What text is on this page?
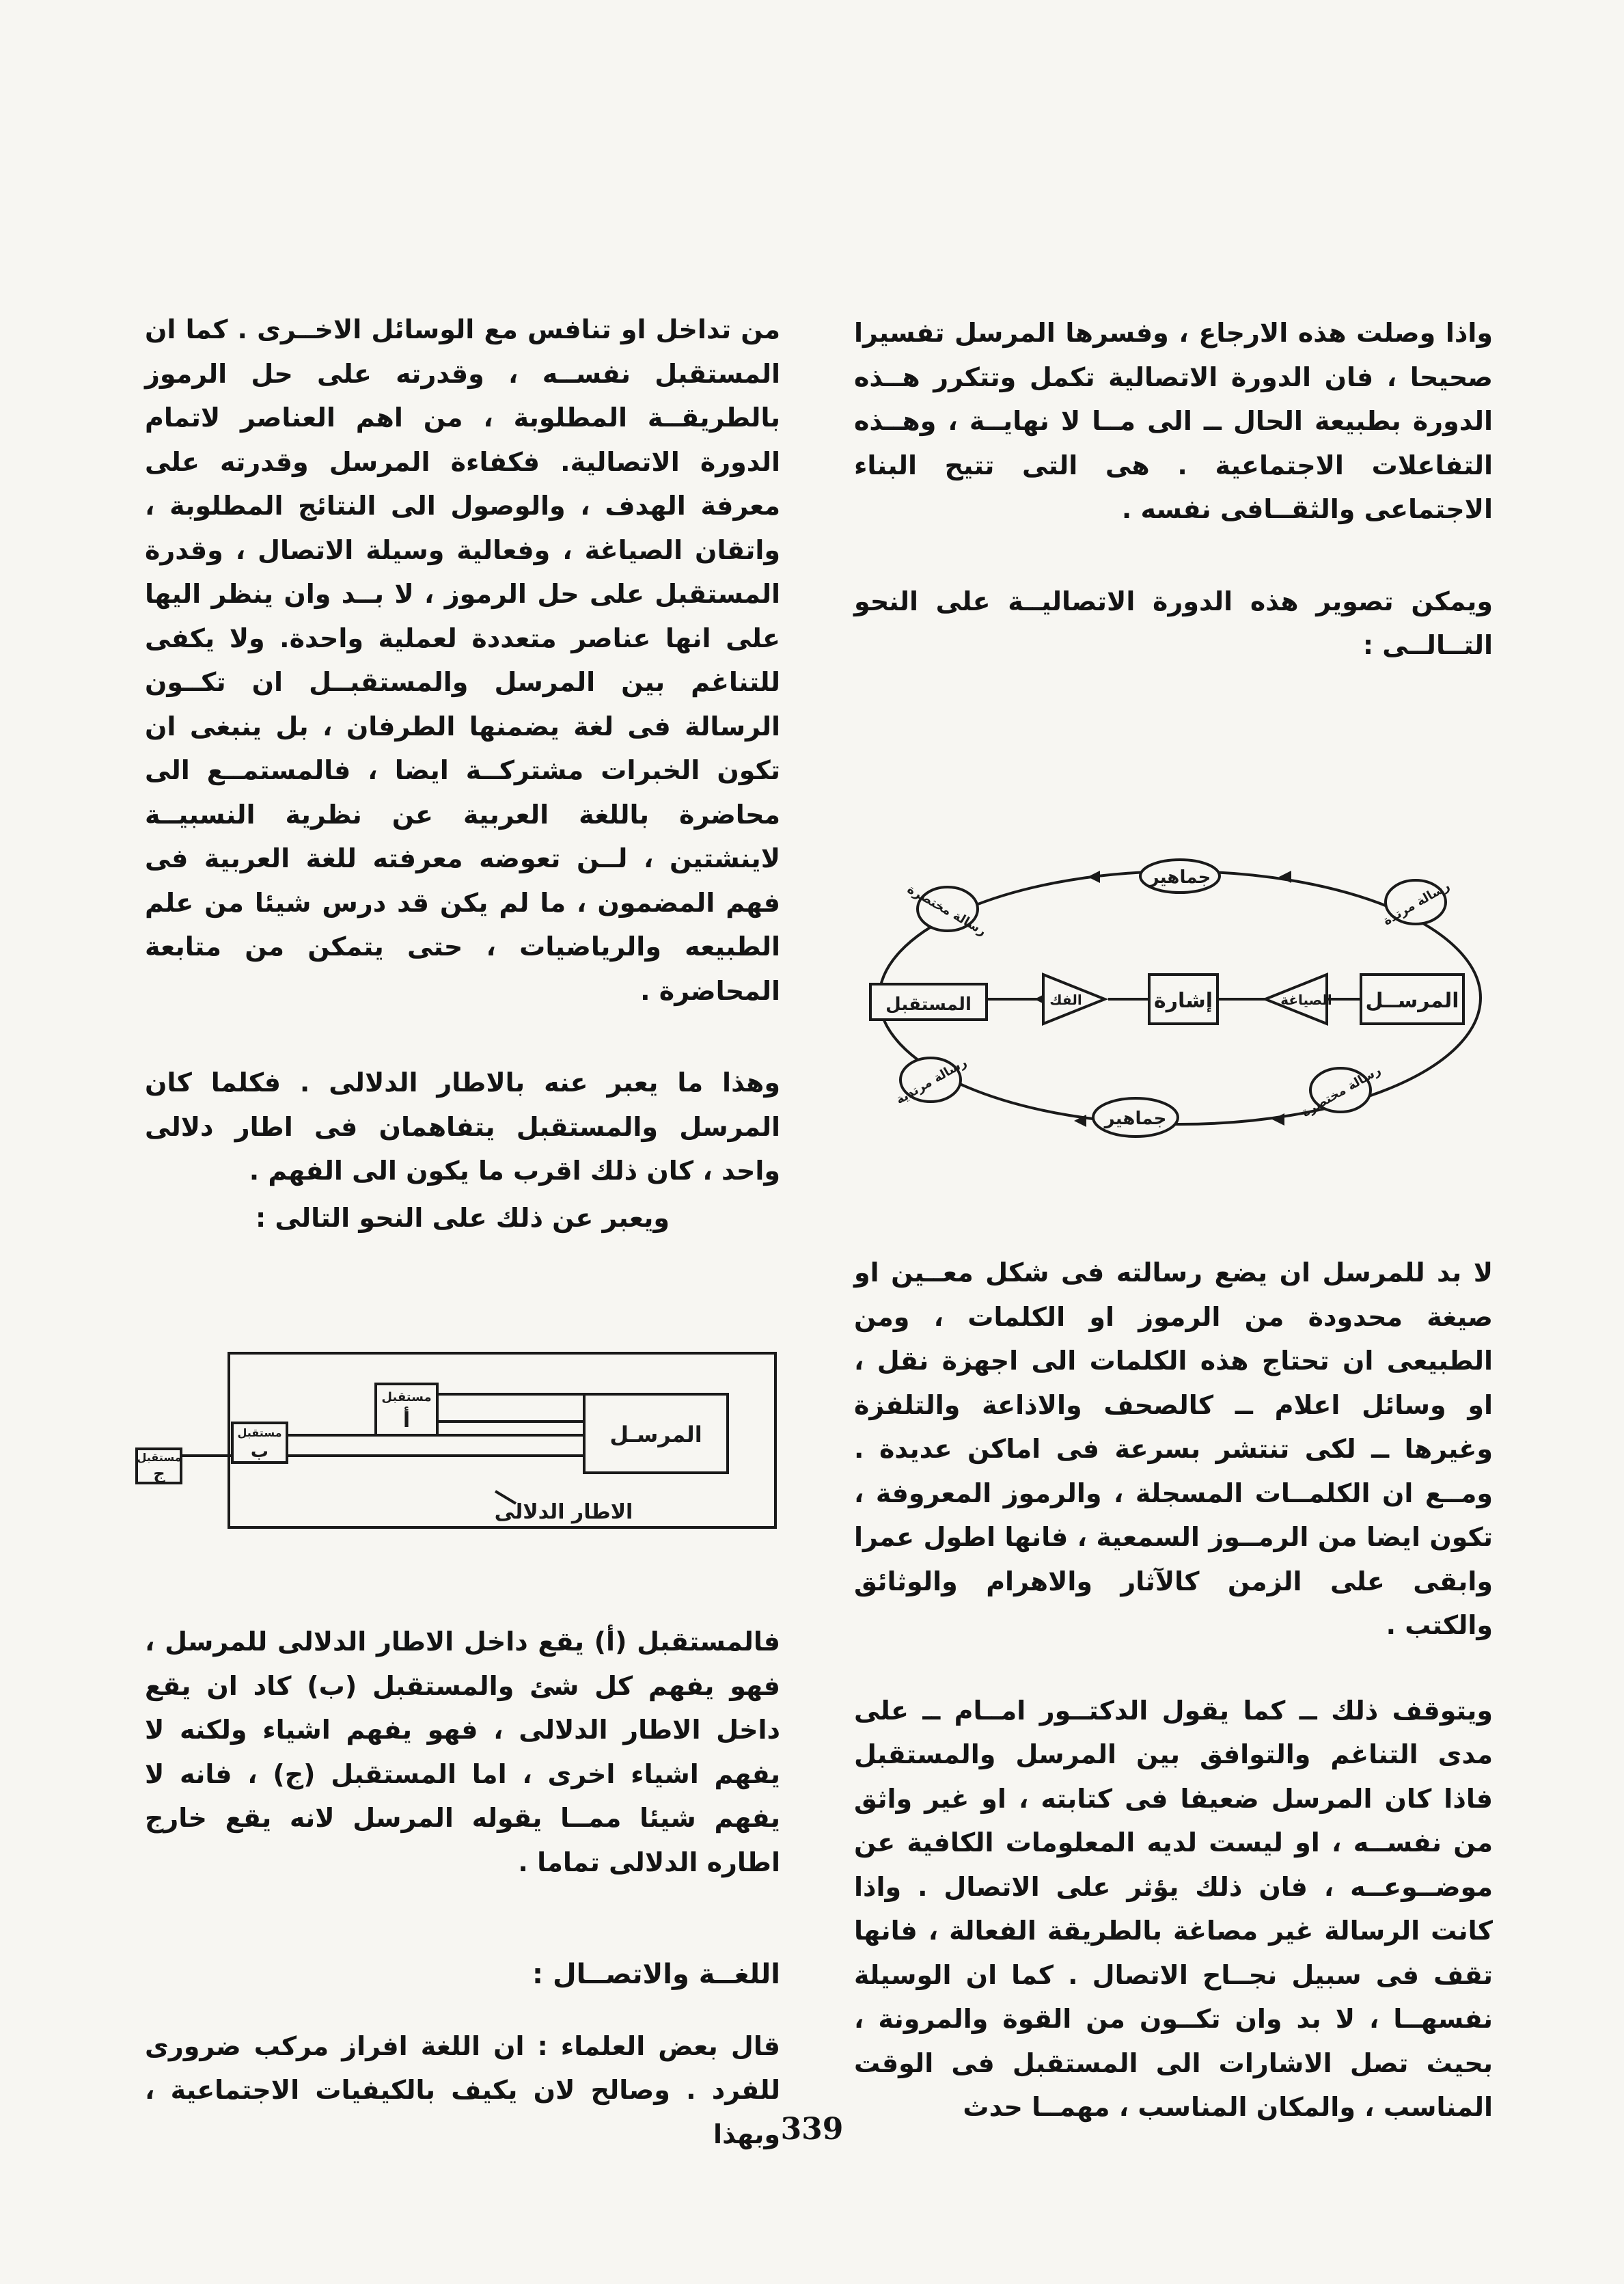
واذا وصلت هذه الارجاع ، وفسرها المرسل تفسيرا صحيحا ، فان الدورة الاتصالية تكمل وتتكرر هــذه الدورة بطبيعة الحال ــ الى مــا لا نهايــة ، وهــذه التفاعلات الاجتماعية . هى التى تتيح البناء الاجتماعى والثقــافى نفسه .

ويمكن تصوير هذه الدورة الاتصاليــة على النحو التــالــى :

المرســل
المستقبل	إشارة	الصياغة
الفك
جماهير
جماهير
رسالة مرتدة
رسالة مختصرة
رسالة مرتدية	رسالة مختصرة

لا بد للمرسل ان يضع رسالته فى شكل معــين او صيغة محدودة من الرموز او الكلمات ، ومن الطبيعى ان تحتاج هذه الكلمات الى اجهزة نقل ، او وسائل اعلام ــ كالصحف والاذاعة والتلفزة وغيرها ــ لكى تنتشر بسرعة فى اماكن عديدة . ومــع ان الكلمــات المسجلة ، والرموز المعروفة ، تكون ايضا من الرمــوز السمعية ، فانها اطول عمرا وابقى على الزمن كالآثار والاهرام والوثائق والكتب .

ويتوقف ذلك ــ كما يقول الدكتــور امــام ــ على مدى التناغم والتوافق بين المرسل والمستقبل فاذا كان المرسل ضعيفا فى كتابته ، او غير واثق من نفســه ، او ليست لديه المعلومات الكافية عن موضــوعــه ، فان ذلك يؤثر على الاتصال . واذا كانت الرسالة غير مصاغة بالطريقة الفعالة ، فانها تقف فى سبيل نجــاح الاتصال . كما ان الوسيلة نفسهــا ، لا بد وان تكــون من القوة والمرونة ، بحيث تصل الاشارات الى المستقبل فى الوقت المناسب ، والمكان المناسب ، مهمــا حدث

من تداخل او تنافس مع الوسائل الاخــرى . كما ان المستقبل نفســه ، وقدرته على حل الرموز بالطريقــة المطلوبة ، من اهم العناصر لاتمام الدورة الاتصالية. فكفاءة المرسل وقدرته على معرفة الهدف ، والوصول الى النتائج المطلوبة ، واتقان الصياغة ، وفعالية وسيلة الاتصال ، وقدرة المستقبل على حل الرموز ، لا بــد وان ينظر اليها على انها عناصر متعددة لعملية واحدة. ولا يكفى للتناغم بين المرسل والمستقبــل ان تكــون الرسالة فى لغة يضمنها الطرفان ، بل ينبغى ان تكون الخبرات مشتركــة ايضا ، فالمستمــع الى محاضرة باللغة العربية عن نظرية النسبيــة لاينشتين ، لــن تعوضه معرفته للغة العربية فى فهم المضمون ، ما لم يكن قد درس شيئا من علم الطبيعه والرياضيات ، حتى يتمكن من متابعة المحاضرة .

وهذا ما يعبر عنه بالاطار الدلالى . فكلما كان المرسل والمستقبل يتفاهمان فى اطار دلالى واحد ، كان ذلك اقرب ما يكون الى الفهم .

ويعبر عن ذلك على النحو التالى :
المرسـل
مستقبل
أ
مستقبل
ب
مستقبل
ج
الاطار الدلالى

فالمستقبل (أ) يقع داخل الاطار الدلالى للمرسل ، فهو يفهم كل شئ والمستقبل (ب) كاد ان يقع داخل الاطار الدلالى ، فهو يفهم اشياء ولكنه لا يفهم اشياء اخرى ، اما المستقبل (ج) ، فانه لا يفهم شيئا ممــا يقوله المرسل لانه يقع خارج اطاره الدلالى تماما .

اللغــة والاتصــال :

قال بعض العلماء : ان اللغة افراز مركب ضرورى للفرد . وصالح لان يكيف بالكيفيات الاجتماعية ، وبهذا 339
